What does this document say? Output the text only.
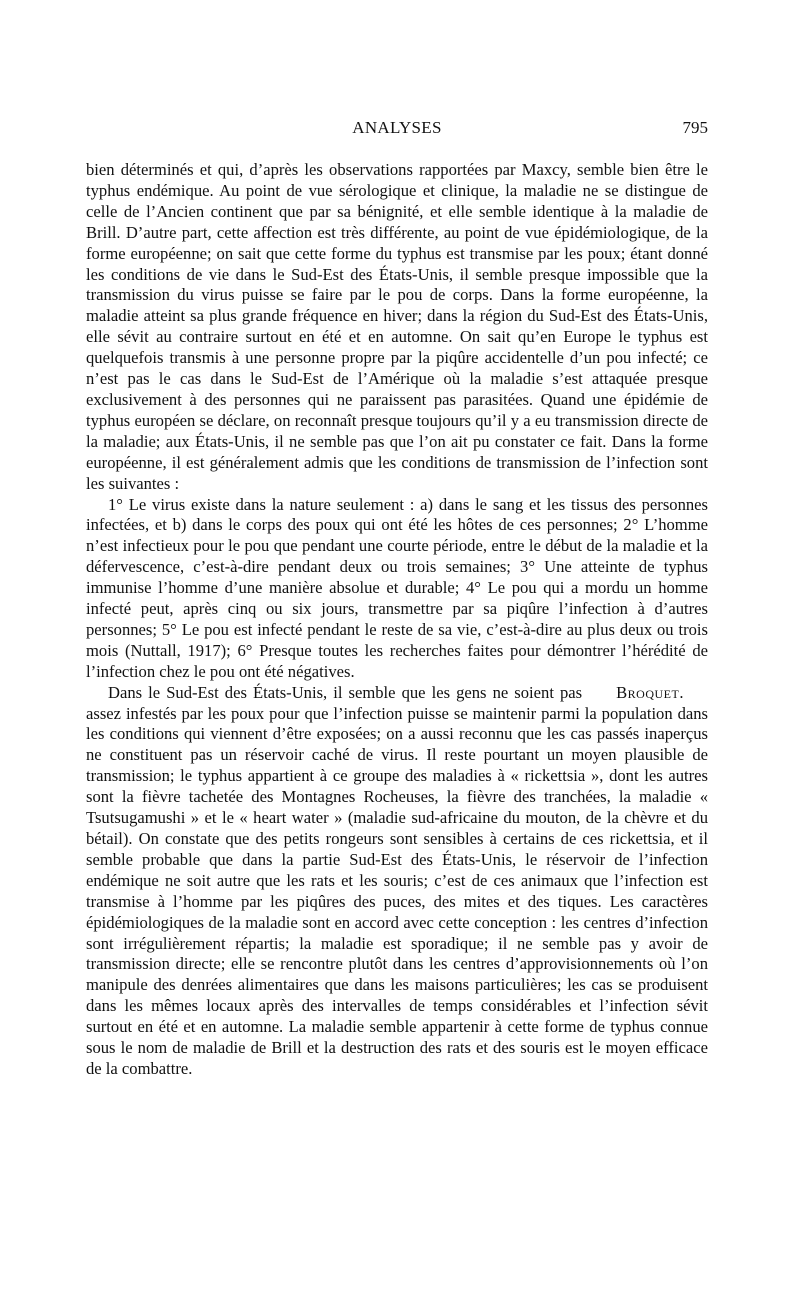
ANALYSES	795

bien déterminés et qui, d’après les observations rapportées par Maxcy, semble bien être le typhus endémique. Au point de vue sérologique et clinique, la maladie ne se distingue de celle de l’Ancien continent que par sa bénignité, et elle semble identique à la maladie de Brill. D’autre part, cette affection est très différente, au point de vue épidémiologique, de la forme européenne; on sait que cette forme du typhus est transmise par les poux; étant donné les conditions de vie dans le Sud-Est des États-Unis, il semble presque impossible que la transmission du virus puisse se faire par le pou de corps. Dans la forme européenne, la maladie atteint sa plus grande fréquence en hiver; dans la région du Sud-Est des États-Unis, elle sévit au contraire surtout en été et en automne. On sait qu’en Europe le typhus est quelquefois transmis à une personne propre par la piqûre accidentelle d’un pou infecté; ce n’est pas le cas dans le Sud-Est de l’Amérique où la maladie s’est attaquée presque exclusivement à des personnes qui ne paraissent pas parasitées. Quand une épidémie de typhus européen se déclare, on reconnaît presque toujours qu’il y a eu transmission directe de la maladie; aux États-Unis, il ne semble pas que l’on ait pu constater ce fait. Dans la forme européenne, il est généralement admis que les conditions de transmission de l’infection sont les suivantes :

1° Le virus existe dans la nature seulement : a) dans le sang et les tissus des personnes infectées, et b) dans le corps des poux qui ont été les hôtes de ces personnes; 2° L’homme n’est infectieux pour le pou que pendant une courte période, entre le début de la maladie et la défervescence, c’est-à-dire pendant deux ou trois semaines; 3° Une atteinte de typhus immunise l’homme d’une manière absolue et durable; 4° Le pou qui a mordu un homme infecté peut, après cinq ou six jours, transmettre par sa piqûre l’infection à d’autres personnes; 5° Le pou est infecté pendant le reste de sa vie, c’est-à-dire au plus deux ou trois mois (Nuttall, 1917); 6° Presque toutes les recherches faites pour démontrer l’hérédité de l’infection chez le pou ont été négatives.

Broquet.
Dans le Sud-Est des États-Unis, il semble que les gens ne soient pas assez infestés par les poux pour que l’infection puisse se maintenir parmi la population dans les conditions qui viennent d’être exposées; on a aussi reconnu que les cas passés inaperçus ne constituent pas un réservoir caché de virus. Il reste pourtant un moyen plausible de transmission; le typhus appartient à ce groupe des maladies à « rickettsia », dont les autres sont la fièvre tachetée des Montagnes Rocheuses, la fièvre des tranchées, la maladie « Tsutsugamushi » et le « heart water » (maladie sud-africaine du mouton, de la chèvre et du bétail). On constate que des petits rongeurs sont sensibles à certains de ces rickettsia, et il semble probable que dans la partie Sud-Est des États-Unis, le réservoir de l’infection endémique ne soit autre que les rats et les souris; c’est de ces animaux que l’infection est transmise à l’homme par les piqûres des puces, des mites et des tiques. Les caractères épidémiologiques de la maladie sont en accord avec cette conception : les centres d’infection sont irrégulièrement répartis; la maladie est sporadique; il ne semble pas y avoir de transmission directe; elle se rencontre plutôt dans les centres d’approvisionnements où l’on manipule des denrées alimentaires que dans les maisons particulières; les cas se produisent dans les mêmes locaux après des intervalles de temps considérables et l’infection sévit surtout en été et en automne. La maladie semble appartenir à cette forme de typhus connue sous le nom de maladie de Brill et la destruction des rats et des souris est le moyen efficace de la combattre.
